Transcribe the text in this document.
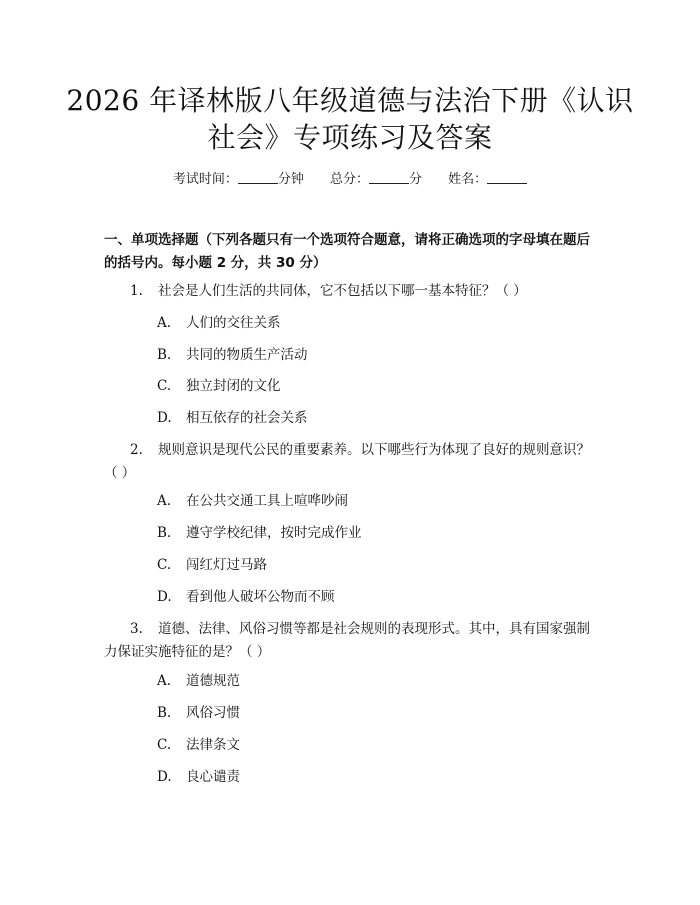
2026 年译林版八年级道德与法治下册《认识社会》专项练习及答案
考试时间：	分钟 总分：	分 姓名：
一、单项选择题（下列各题只有一个选项符合题意，请将正确选项的字母填在题后的括号内。每小题 2 分，共 30 分）
1. 社会是人们生活的共同体，它不包括以下哪一基本特征？（ ）
A. 人们的交往关系
B. 共同的物质生产活动
C. 独立封闭的文化
D. 相互依存的社会关系
2. 规则意识是现代公民的重要素养。以下哪些行为体现了良好的规则意识？（ ）
A. 在公共交通工具上喧哗吵闹
B. 遵守学校纪律，按时完成作业
C. 闯红灯过马路
D. 看到他人破坏公物而不顾
3. 道德、法律、风俗习惯等都是社会规则的表现形式。其中，具有国家强制力保证实施特征的是？（ ）
A. 道德规范
B. 风俗习惯
C. 法律条文
D. 良心谴责
